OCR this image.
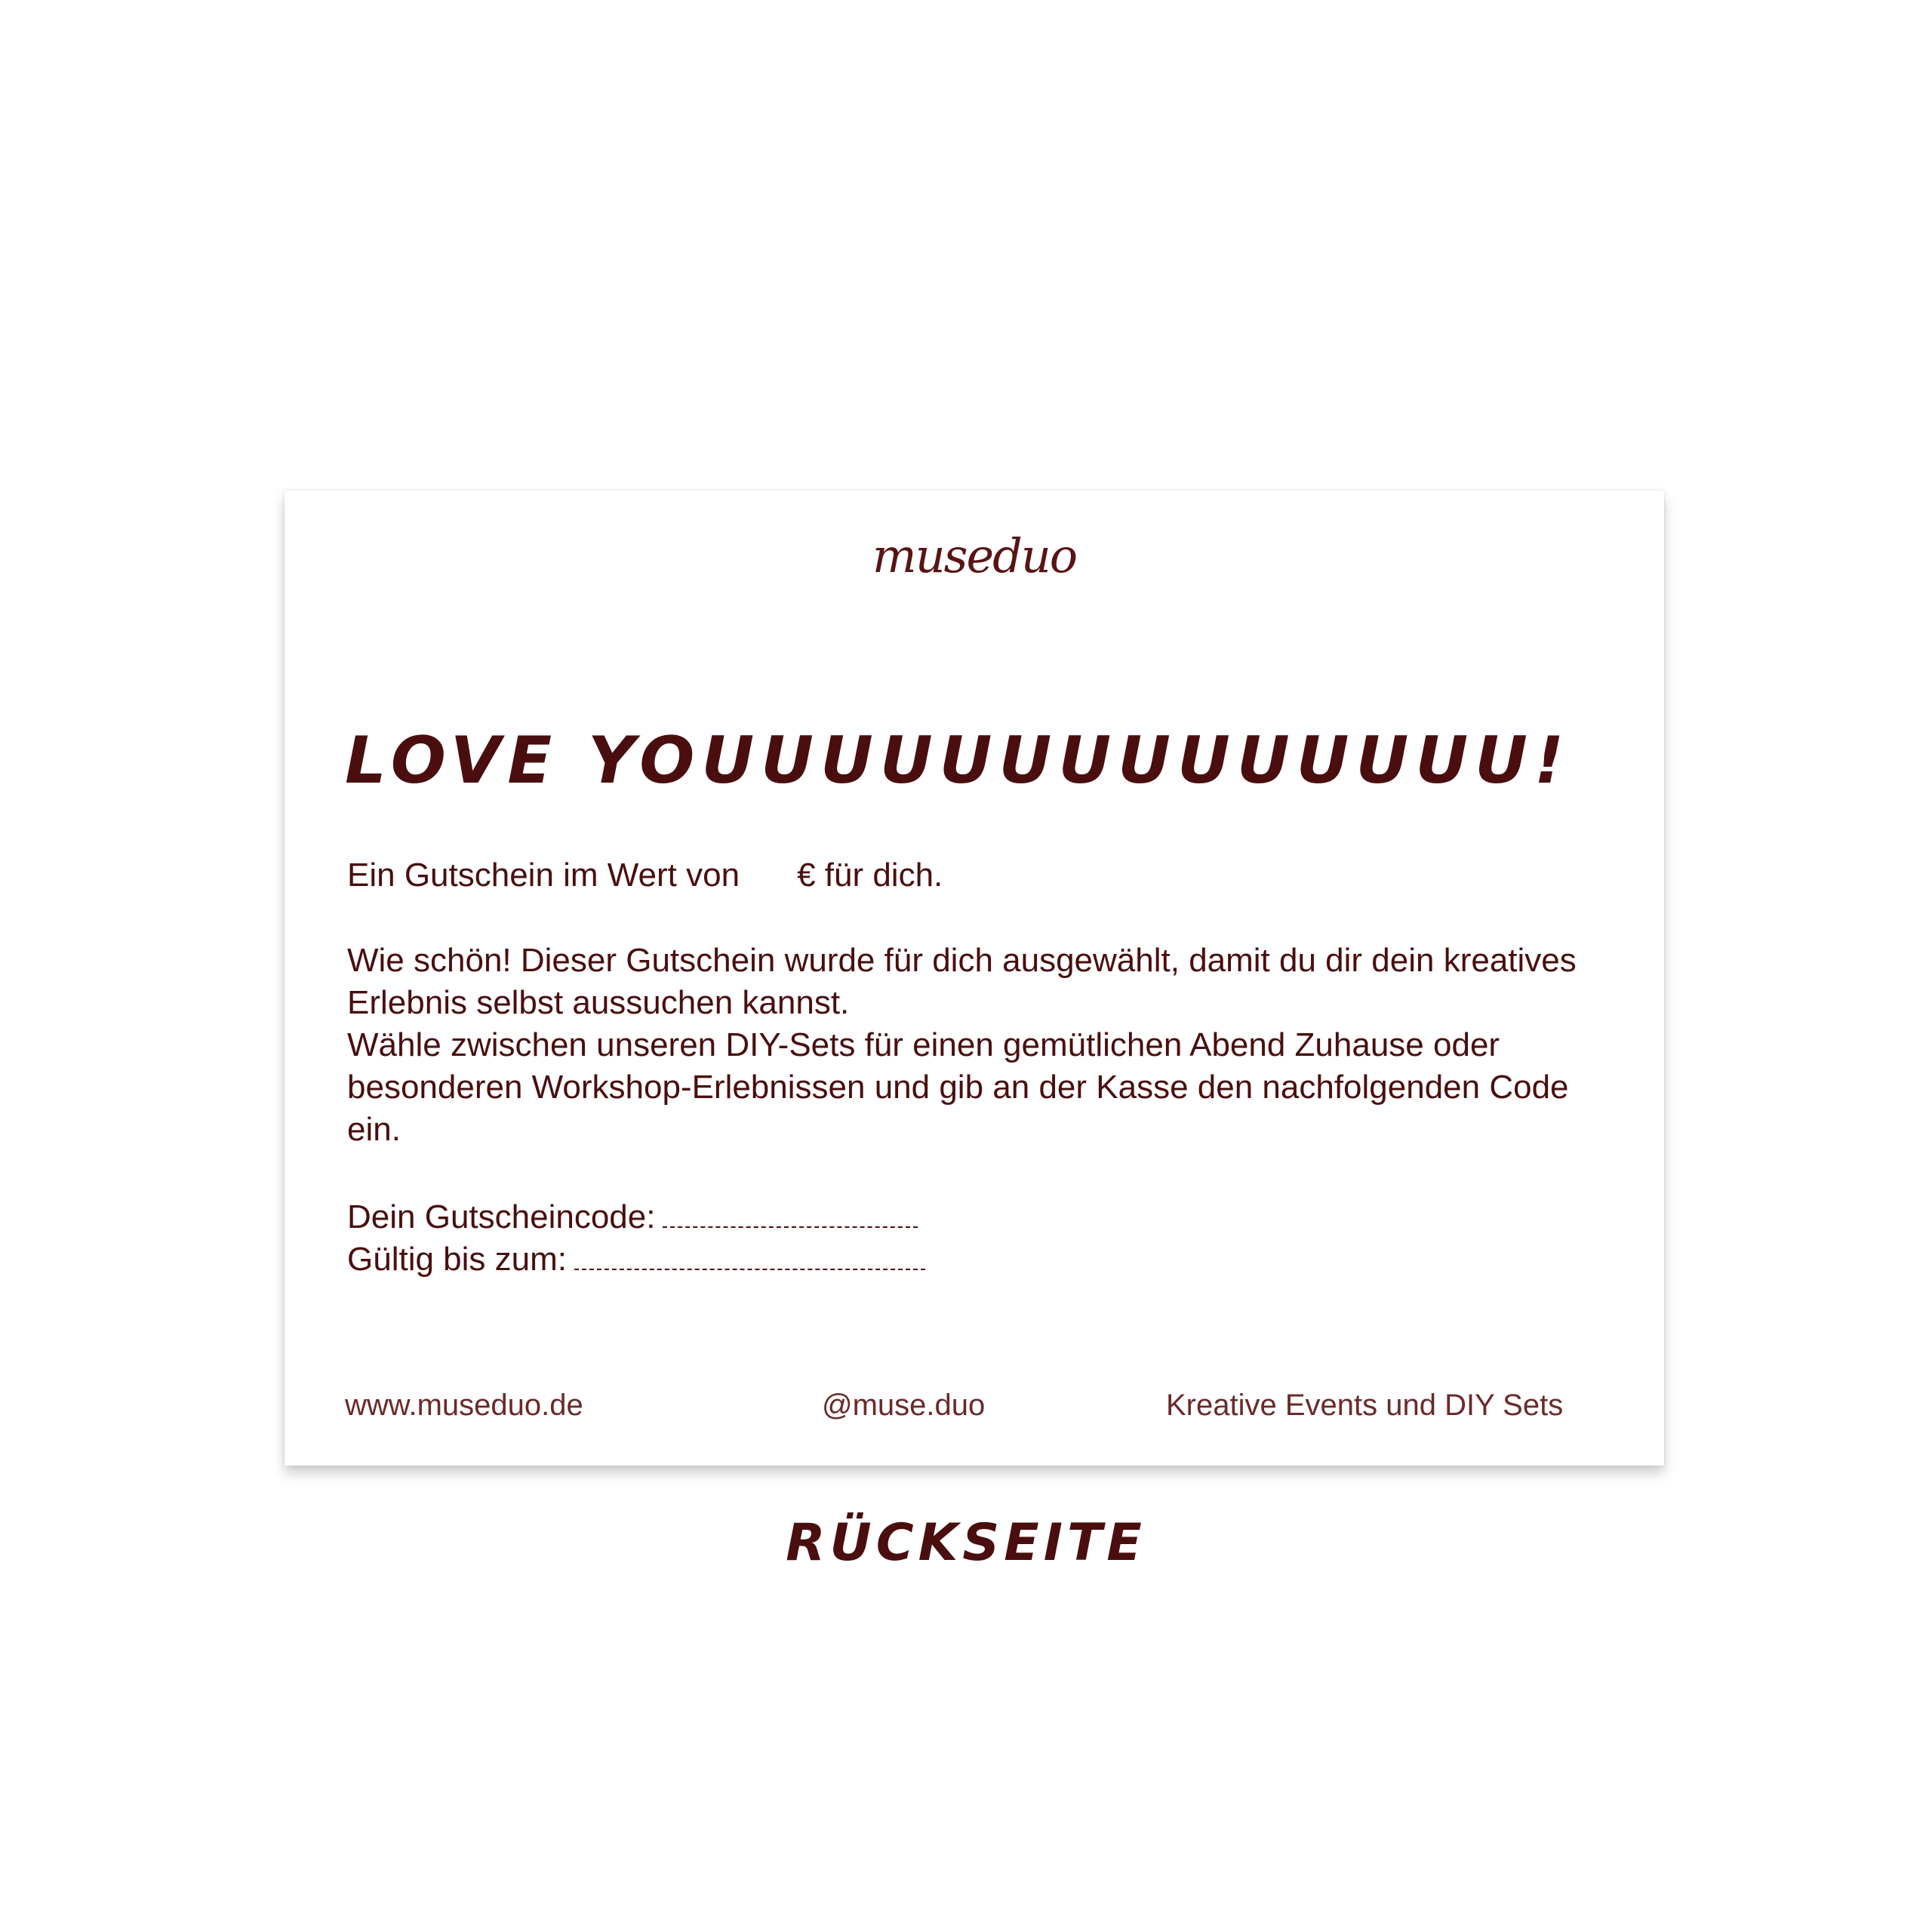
museduo
LOVE YOUUUUUUUUUUUUUU!
Ein Gutschein im Wert von € für dich.

Wie schön! Dieser Gutschein wurde für dich ausgewählt, damit du dir dein kreatives Erlebnis selbst aussuchen kannst.

Wähle zwischen unseren DIY-Sets für einen gemütlichen Abend Zuhause oder besonderen Workshop-Erlebnissen und gib an der Kasse den nachfolgenden Code ein.

Dein Gutscheincode:
Gültig bis zum:
www.museduo.de	@muse.duo	Kreative Events und DIY Sets
RÜCKSEITE
